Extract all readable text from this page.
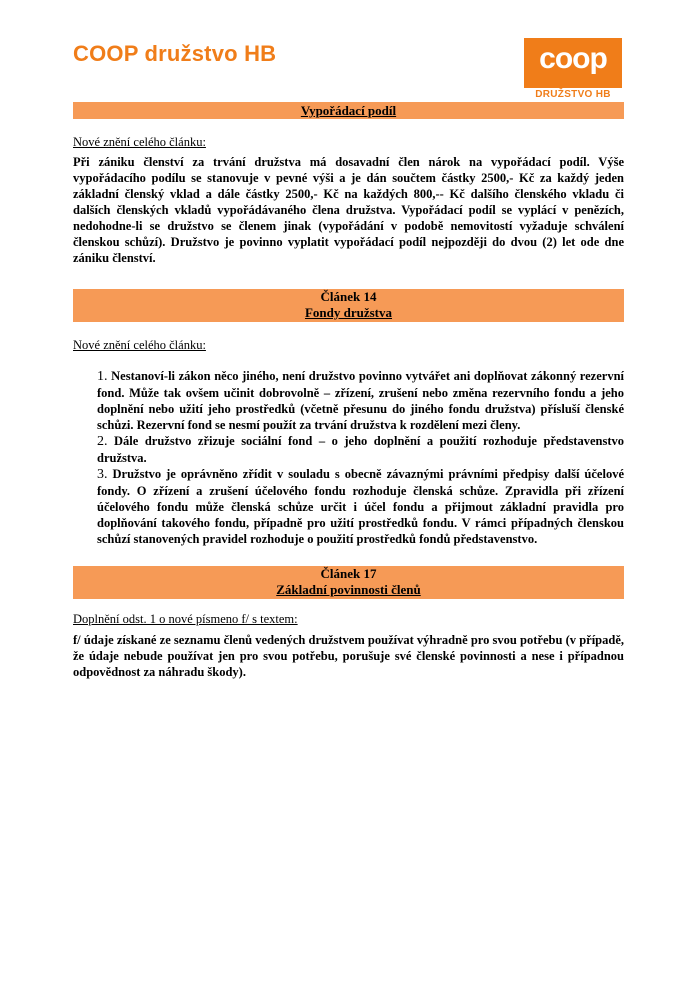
COOP družstvo HB	coop
DRUŽSTVO HB
Vypořádací podíl
Nové znění celého článku:

Při zániku členství za trvání družstva má dosavadní člen nárok na vypořádací podíl. Výše vypořádacího podílu se stanovuje v pevné výši a je dán součtem částky 2500,- Kč za každý jeden základní členský vklad a dále částky 2500,- Kč na každých 800,-- Kč dalšího členského vkladu či dalších členských vkladů vypořádávaného člena družstva. Vypořádací podíl se vyplácí v penězích, nedohodne-li se družstvo se členem jinak (vypořádání v podobě nemovitostí vyžaduje schválení členskou schůzí). Družstvo je povinno vyplatit vypořádací podíl nejpozději do dvou (2) let ode dne zániku členství.

Článek 14
Fondy družstva
Nové znění celého článku:

1. Nestanoví-li zákon něco jiného, není družstvo povinno vytvářet ani doplňovat zákonný rezervní fond. Může tak ovšem učinit dobrovolně – zřízení, zrušení nebo změna rezervního fondu a jeho doplnění nebo užití jeho prostředků (včetně přesunu do jiného fondu družstva) přísluší členské schůzi. Rezervní fond se nesmí použít za trvání družstva k rozdělení mezi členy.

2. Dále družstvo zřizuje sociální fond – o jeho doplnění a použití rozhoduje představenstvo družstva.

3. Družstvo je oprávněno zřídit v souladu s obecně závaznými právními předpisy další účelové fondy. O zřízení a zrušení účelového fondu rozhoduje členská schůze. Zpravidla při zřízení účelového fondu může členská schůze určit i účel fondu a přijmout základní pravidla pro doplňování takového fondu, případně pro užití prostředků fondu. V rámci případných členskou schůzí stanovených pravidel rozhoduje o použití prostředků fondů představenstvo.

Článek 17
Základní povinnosti členů
Doplnění odst. 1 o nové písmeno f/ s textem:

f/ údaje získané ze seznamu členů vedených družstvem používat výhradně pro svou potřebu (v případě, že údaje nebude používat jen pro svou potřebu, porušuje své členské povinnosti a nese i případnou odpovědnost za náhradu škody).
